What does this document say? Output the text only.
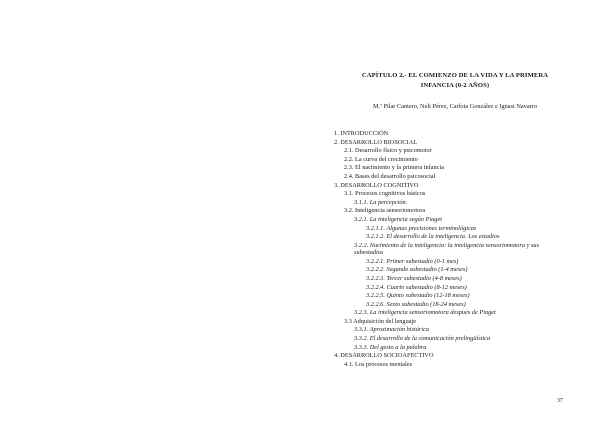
CAPÍTULO 2.- EL COMIENZO DE LA VIDA Y LA PRIMERA
INFANCIA (0-2 AÑOS)
M.ª Pilar Cantero, Neli Pérez, Carlota González e Ignasi Navarro
1. INTRODUCCIÓN
2. DESARROLLO BIOSOCIAL
2.1. Desarrollo físico y psicomotor
2.2. La curva del crecimiento
2.3. El nacimiento y la primera infancia
2.4. Bases del desarrollo psicosocial
3. DESARROLLO COGNITIVO
3.1. Procesos cognitivos básicos
3.1.1. La percepción.
3.2. Inteligencia sensoriomotora
3.2.1. La inteligencia según Piaget
3.2.1.1. Algunas precisiones terminológicas
3.2.1.2. El desarrollo de la inteligencia. Los estadios
3.2.2. Nacimiento de la inteligencia: la inteligencia sensoriomotora y sus subestadios
3.2.2.1. Primer subestadio (0-1 mes)
3.2.2.2. Segundo subestadio (1-4 meses)
3.2.2.3. Tercer subestadio (4-8 meses)
3.2.2.4. Cuarto subestadio (8-12 meses)
3.2.2.5. Quinto subestadio (12-18 meses)
3.2.2.6. Sexto subestadio (18-24 meses)
3.2.3. La inteligencia sensoriomotora después de Piaget
3.3 Adquisición del lenguaje
3.3.1. Aproximación histórica
3.3.2. El desarrollo de la comunicación prelingüística
3.3.3. Del gesto a la palabra
4. DESARROLLO SOCIOAFECTIVO
4.1. Los procesos mentales
37
